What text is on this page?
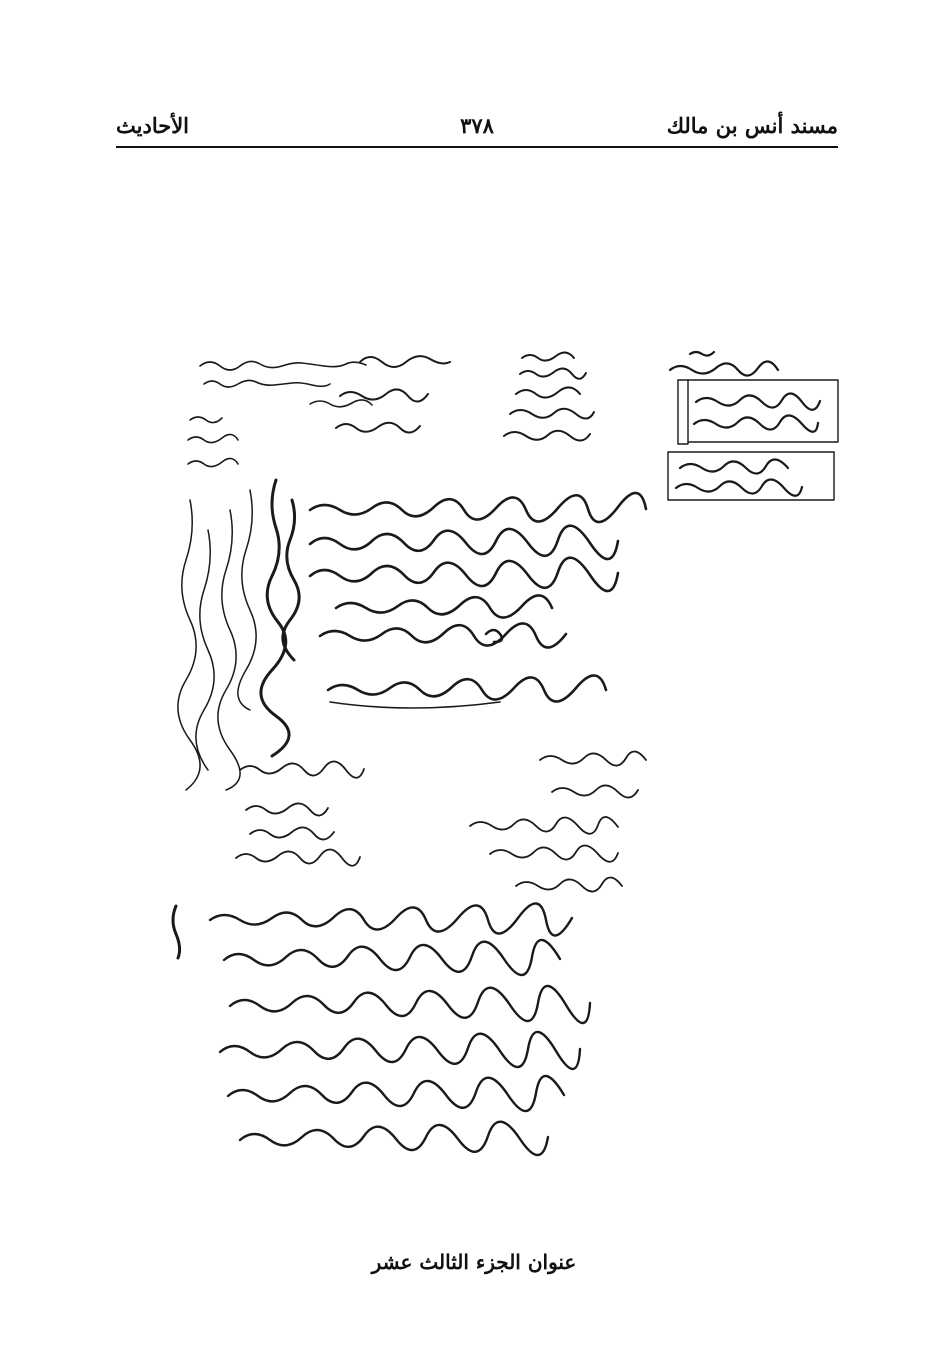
مسند أنس بن مالك
٣٧٨
الأحاديث
عنوان الجزء الثالث عشر
